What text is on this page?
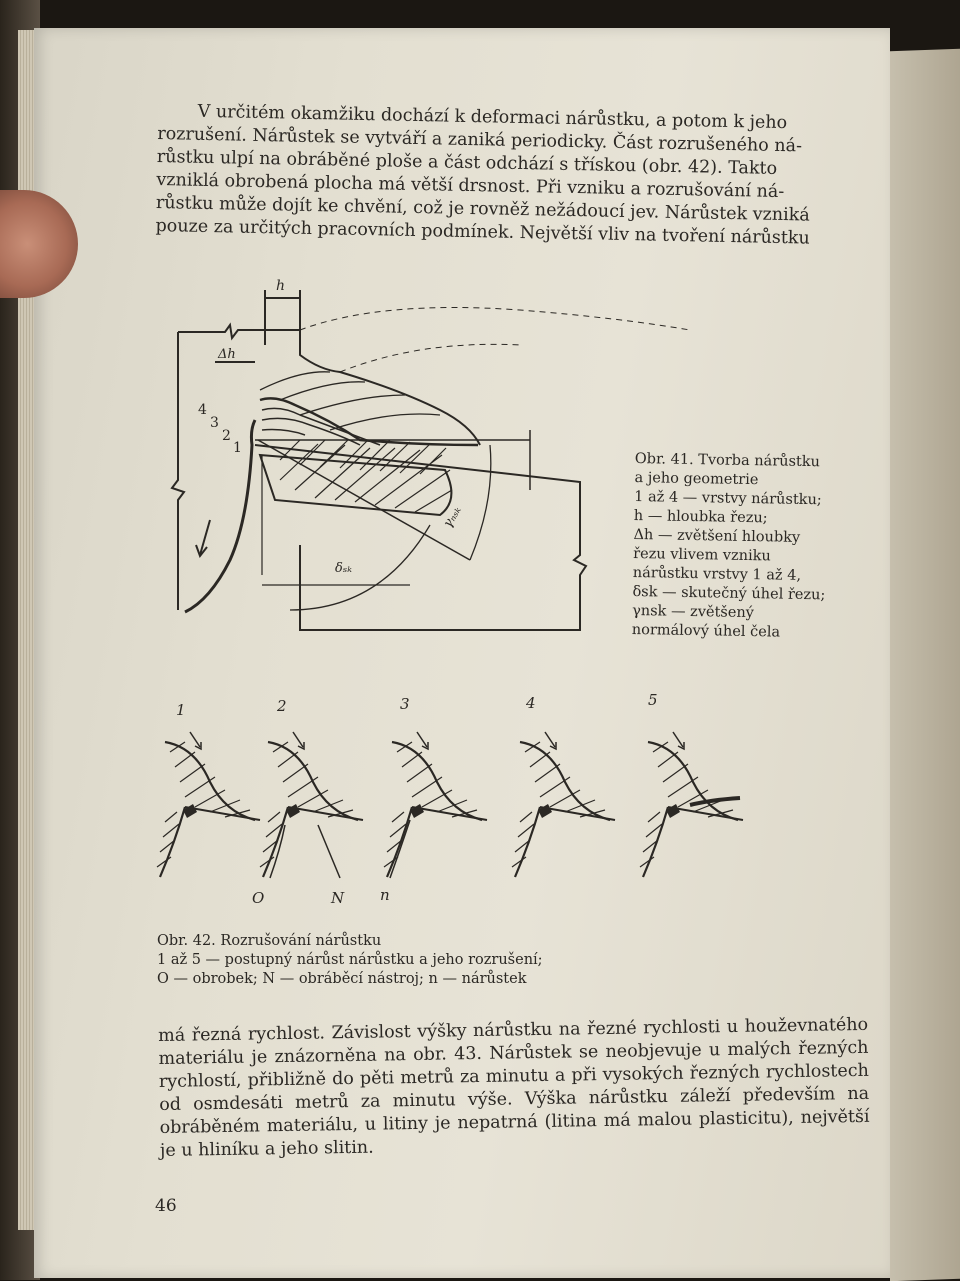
V určitém okamžiku dochází k deformaci nárůstku, a potom k jeho

rozrušení. Nárůstek se vytváří a zaniká periodicky. Část rozrušeného ná-

růstku ulpí na obráběné ploše a část odchází s třískou (obr. 42). Takto

vzniklá obrobená plocha má větší drsnost. Při vzniku a rozrušování ná-

růstku může dojít ke chvění, což je rovněž nežádoucí jev. Nárůstek vzniká

pouze za určitých pracovních podmínek. Největší vliv na tvoření nárůstku

h
Δh
4
3
2
1
γₙₛₖ
δₛₖ
Obr. 41. Tvorba nárůstku
a jeho geometrie
1 až 4 — vrstvy nárůstku;
h — hloubka řezu;
Δh — zvětšení hloubky
řezu vlivem vzniku
nárůstku vrstvy 1 až 4,
δsk — skutečný úhel řezu;
γnsk — zvětšený
normálový úhel čela
1	2	3	4	5
O	N n
Obr. 42. Rozrušování nárůstku
1 až 5 — postupný nárůst nárůstku a jeho rozrušení;
O — obrobek; N — obráběcí nástroj; n — nárůstek

má řezná rychlost. Závislost výšky nárůstku na řezné rychlosti u houževnatého materiálu je znázorněna na obr. 43. Nárůstek se neobjevuje u malých řezných rychlostí, přibližně do pěti metrů za minutu a při vysokých řezných rychlostech od osmdesáti metrů za minutu výše. Výška nárůstku záleží především na obráběném materiálu, u litiny je nepatrná (litina má malou plasticitu), největší je u hliníku a jeho slitin.

46
